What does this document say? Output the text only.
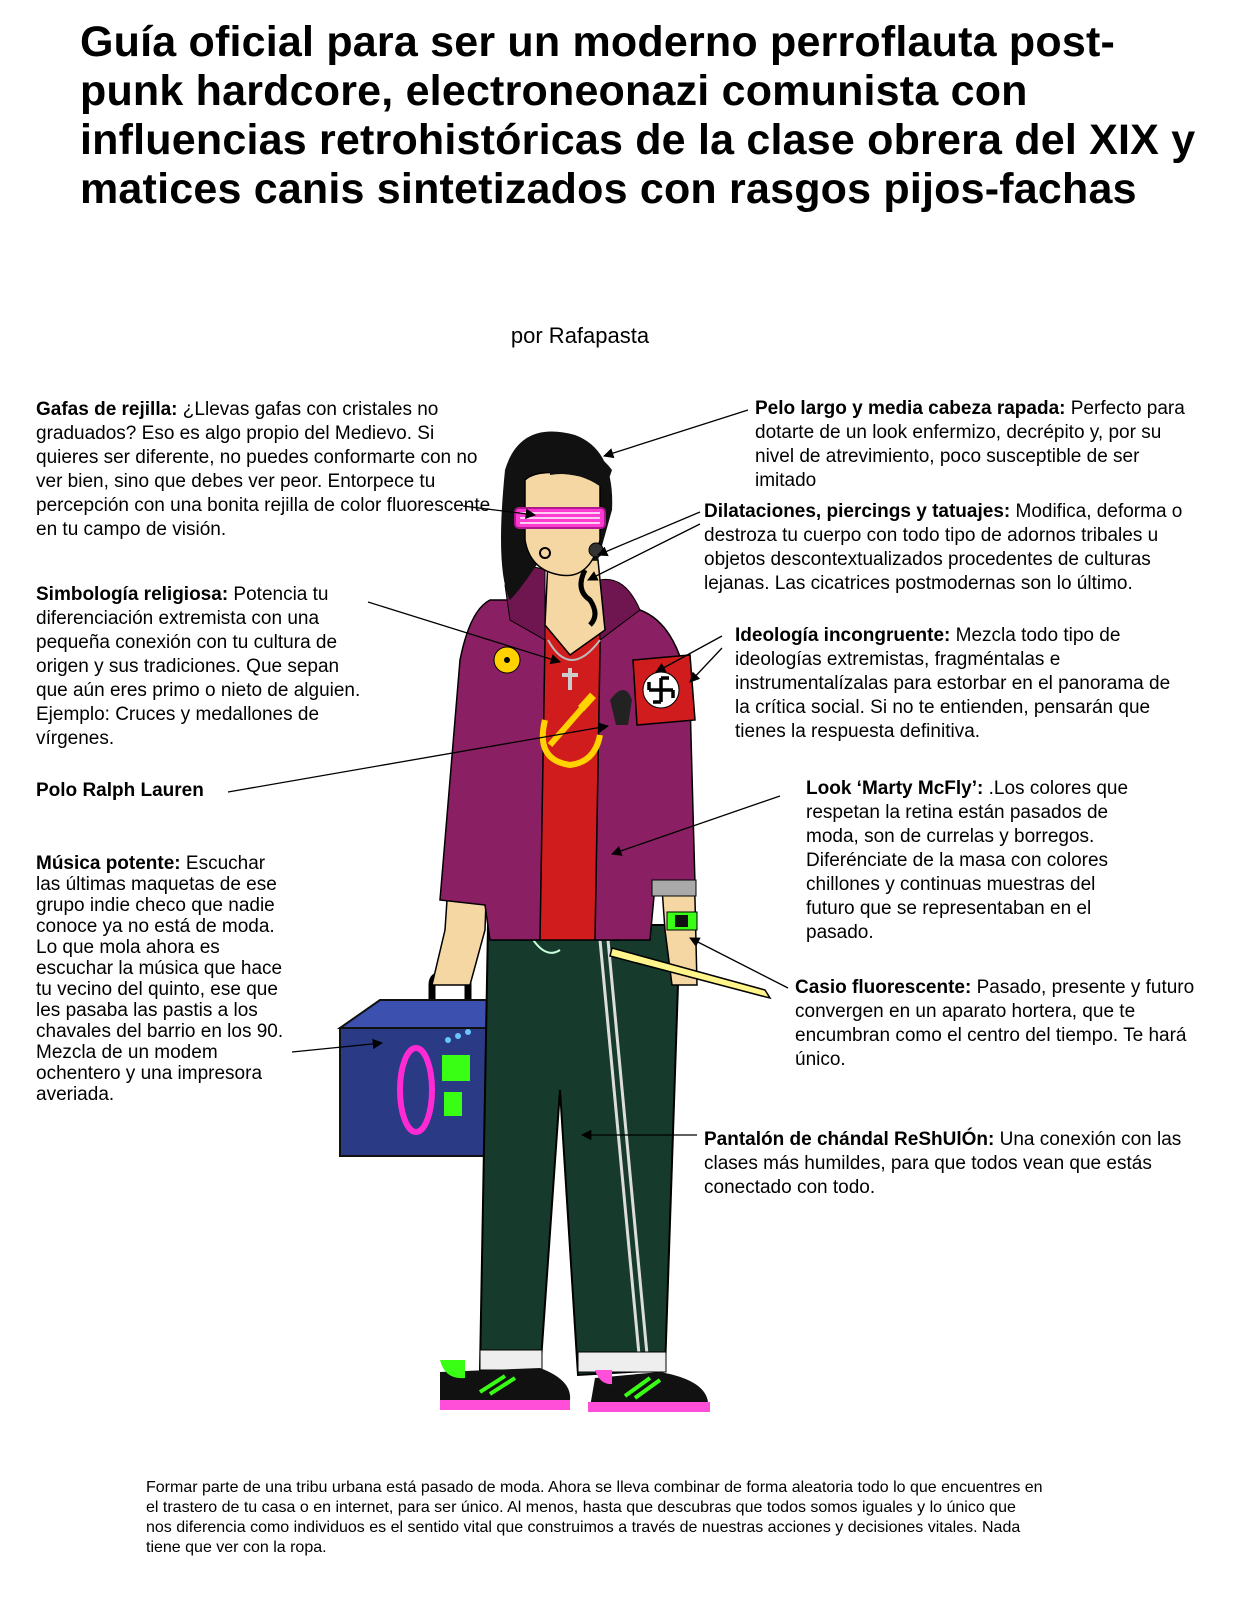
Guía oficial para ser un moderno perroflauta post-punk hardcore, electroneonazi comunista con influencias retrohistóricas de la clase obrera del XIX y matices canis sintetizados con rasgos pijos-fachas
por Rafapasta

Gafas de rejilla: ¿Llevas gafas con cristales no graduados? Eso es algo propio del Medievo. Si quieres ser diferente, no puedes conformarte con no ver bien, sino que debes ver peor. Entorpece tu percepción con una bonita rejilla de color fluorescente en tu campo de visión.

Pelo largo y media cabeza rapada: Perfecto para dotarte de un look enfermizo, decrépito y, por su nivel de atrevimiento, poco susceptible de ser imitado

Dilataciones, piercings y tatuajes: Modifica, deforma o destroza tu cuerpo con todo tipo de adornos tribales u objetos descontextualizados procedentes de culturas lejanas. Las cicatrices postmodernas son lo último.

Simbología religiosa: Potencia tu diferenciación extremista con una pequeña conexión con tu cultura de origen y sus tradiciones. Que sepan que aún eres primo o nieto de alguien. Ejemplo: Cruces y medallones de vírgenes.

Ideología incongruente: Mezcla todo tipo de ideologías extremistas, fragméntalas e instrumentalízalas para estorbar en el panorama de la crítica social. Si no te entienden, pensarán que tienes la respuesta definitiva.

Polo Ralph Lauren	Look ‘Marty McFly’: .Los colores que respetan la retina están pasados de moda, son de currelas y borregos. Diferénciate de la masa con colores chillones y continuas muestras del futuro que se representaban en el pasado.

Música potente: Escuchar las últimas maquetas de ese grupo indie checo que nadie conoce ya no está de moda. Lo que mola ahora es escuchar la música que hace tu vecino del quinto, ese que les pasaba las pastis a los chavales del barrio en los 90. Mezcla de un modem ochentero y una impresora averiada.

Casio fluorescente: Pasado, presente y futuro convergen en un aparato hortera, que te encumbran como el centro del tiempo. Te hará único.

Pantalón de chándal ReShUlÓn: Una conexión con las clases más humildes, para que todos vean que estás conectado con todo.

Formar parte de una tribu urbana está pasado de moda. Ahora se lleva combinar de forma aleatoria todo lo que encuentres en el trastero de tu casa o en internet, para ser único. Al menos, hasta que descubras que todos somos iguales y lo único que nos diferencia como individuos es el sentido vital que construimos a través de nuestras acciones y decisiones vitales. Nada tiene que ver con la ropa.
